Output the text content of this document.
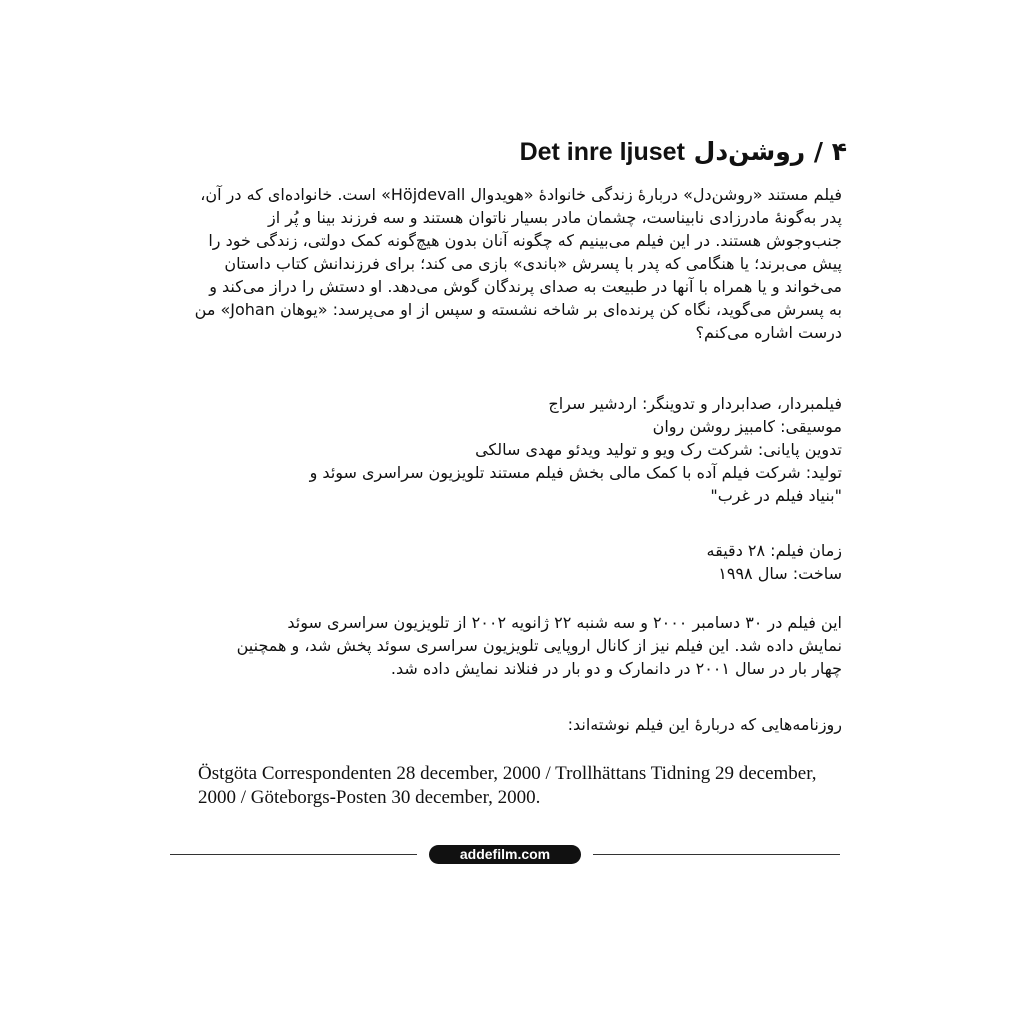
۴ / روشن‌دل Det inre ljuset
فیلم مستند «روشن‌دل» دربارهٔ زندگی خانوادهٔ «هویدوال Höjdevall» است. خانواده‌ای که در آن،
پدر به‌گونهٔ مادرزادی نابیناست، چشمان مادر بسیار ناتوان هستند و سه فرزند بینا و پُر از
جنب‌وجوش هستند. در این فیلم می‌بینیم که چگونه آنان بدون هیچ‌گونه کمک دولتی، زندگی خود را
پیش می‌برند؛ یا هنگامی که پدر با پسرش «باندی» بازی می کند؛ برای فرزندانش کتاب داستان
می‌خواند و یا همراه با آنها در طبیعت به صدای پرندگان گوش می‌دهد. او دستش را دراز می‌کند و
به پسرش می‌گوید، نگاه کن پرنده‌ای بر شاخه نشسته و سپس از او می‌پرسد: «یوهان Johan» من
درست اشاره می‌کنم؟
فیلمبردار، صدابردار و تدوینگر: اردشیر سراج
موسیقی: کامبیز روشن روان
تدوین پایانی: شرکت رک ویو و تولید ویدئو مهدی سالکی
تولید: شرکت فیلم آده با کمک مالی بخش فیلم مستند تلویزیون سراسری سوئد و
"بنیاد فیلم در غرب"
زمان فیلم: ۲۸ دقیقه
ساخت: سال ۱۹۹۸
این فیلم در ۳۰ دسامبر ۲۰۰۰ و سه شنبه ۲۲ ژانویه ۲۰۰۲ از تلویزیون سراسری سوئد
نمایش داده شد. این فیلم نیز از کانال اروپایی تلویزیون سراسری سوئد پخش شد، و همچنین
چهار بار در سال ۲۰۰۱ در دانمارک و دو بار در فنلاند نمایش داده شد.
روزنامه‌هایی که دربارهٔ این فیلم نوشته‌اند:
Östgöta Correspondenten 28 december, 2000 / Trollhättans Tidning 29 december,
2000 / Göteborgs-Posten 30 december, 2000.
addefilm.com
